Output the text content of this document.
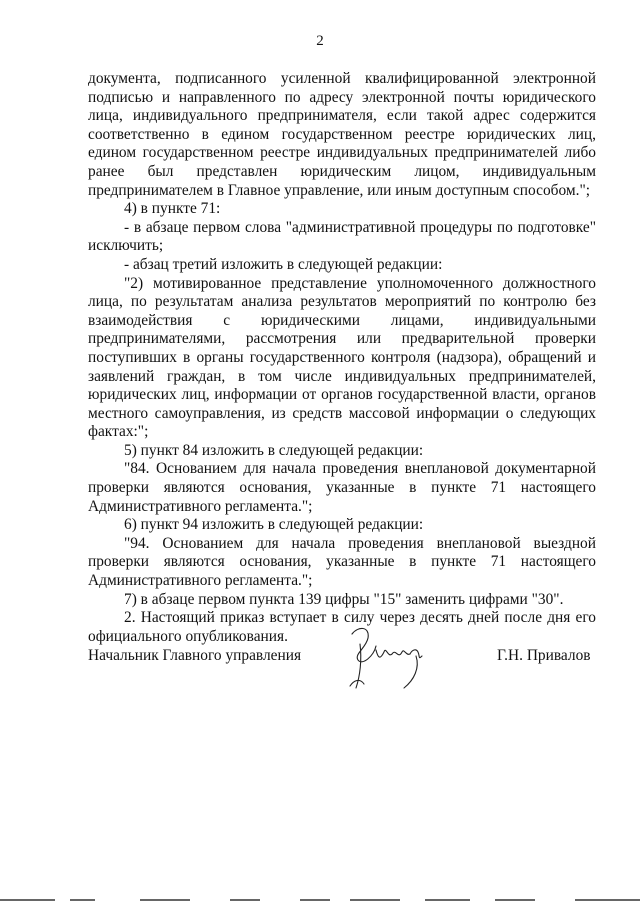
2

документа, подписанного усиленной квалифицированной электронной подписью и направленного по адресу электронной почты юридического лица, индивидуального предпринимателя, если такой адрес содержится соответственно в едином государственном реестре юридических лиц, едином государственном реестре индивидуальных предпринимателей либо ранее был представлен юридическим лицом, индивидуальным предпринимателем в Главное управление, или иным доступным способом.";

4) в пункте 71:

- в абзаце первом слова "административной процедуры по подготовке" исключить;

- абзац третий изложить в следующей редакции:

"2) мотивированное представление уполномоченного должностного лица, по результатам анализа результатов мероприятий по контролю без взаимодействия с юридическими лицами, индивидуальными предпринимателями, рассмотрения или предварительной проверки поступивших в органы государственного контроля (надзора), обращений и заявлений граждан, в том числе индивидуальных предпринимателей, юридических лиц, информации от органов государственной власти, органов местного самоуправления, из средств массовой информации о следующих фактах:";

5) пункт 84 изложить в следующей редакции:

"84. Основанием для начала проведения внеплановой документарной проверки являются основания, указанные в пункте 71 настоящего Административного регламента.";

6) пункт 94 изложить в следующей редакции:

"94. Основанием для начала проведения внеплановой выездной проверки являются основания, указанные в пункте 71 настоящего Административного регламента.";

7) в абзаце первом пункта 139 цифры "15" заменить цифрами "30".

2. Настоящий приказ вступает в силу через десять дней после дня его официального опубликования.

Начальник Главного управления	Г.Н. Привалов
